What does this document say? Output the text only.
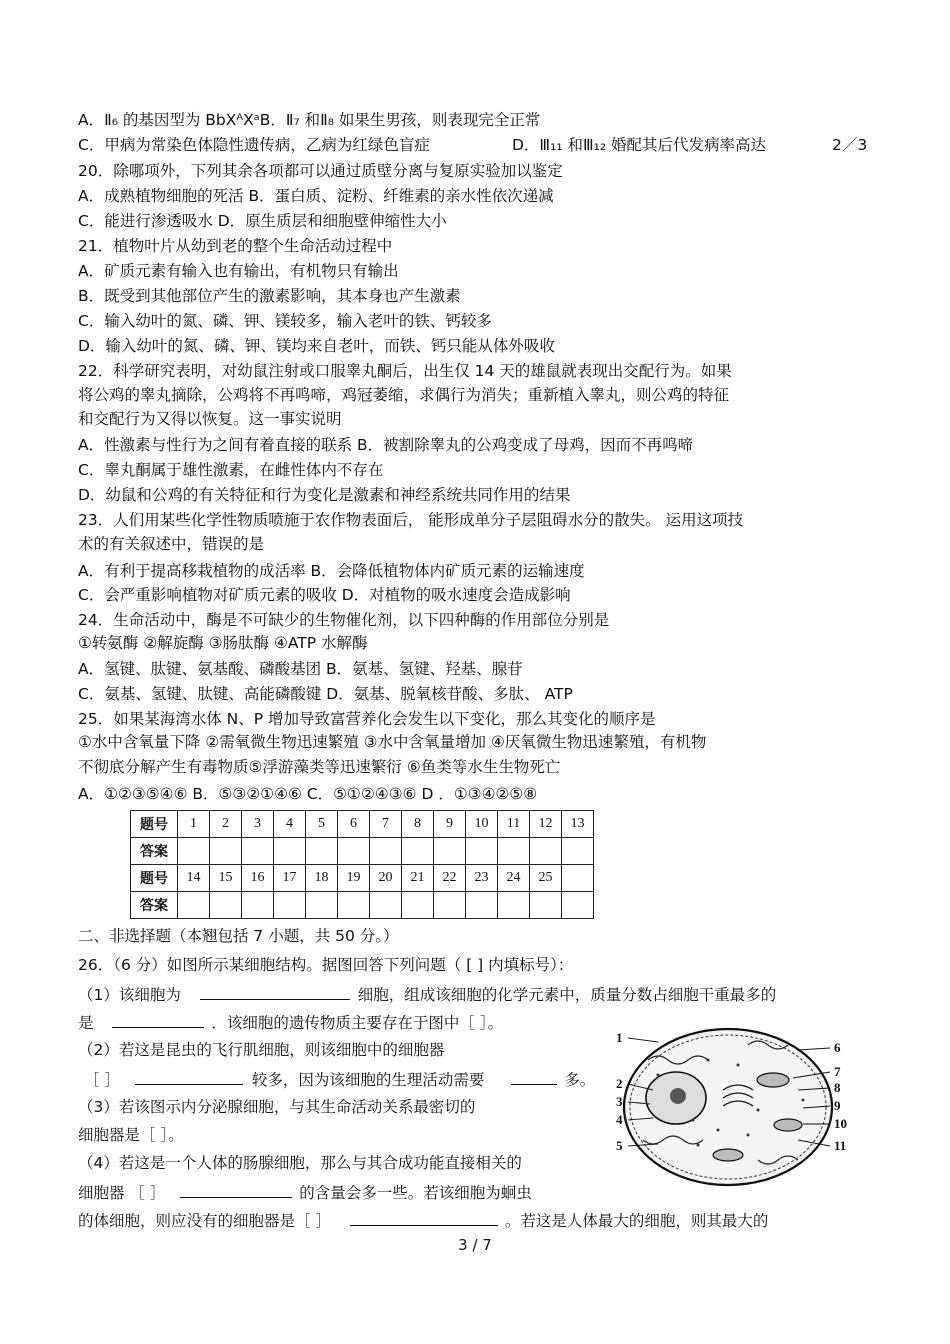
A．Ⅱ₆ 的基因型为 BbXᴬXᵃB．Ⅱ₇ 和Ⅱ₈ 如果生男孩，则表现完全正常
C．甲病为常染色体隐性遗传病，乙病为红绿色盲症	D．Ⅲ₁₁ 和Ⅲ₁₂ 婚配其后代发病率高达	2／3
20．除哪项外，下列其余各项都可以通过质壁分离与复原实验加以鉴定
A．成熟植物细胞的死活 B．蛋白质、淀粉、纤维素的亲水性依次递减
C．能进行渗透吸水 D．原生质层和细胞壁伸缩性大小
21．植物叶片从幼到老的整个生命活动过程中
A．矿质元素有输入也有输出，有机物只有输出
B．既受到其他部位产生的激素影响，其本身也产生激素
C．输入幼叶的氮、磷、钾、镁较多，输入老叶的铁、钙较多
D．输入幼叶的氮、磷、钾、镁均来自老叶，而铁、钙只能从体外吸收
22．科学研究表明，对幼鼠注射或口服睾丸酮后，出生仅 14 天的雄鼠就表现出交配行为。如果
将公鸡的睾丸摘除，公鸡将不再鸣啼，鸡冠萎缩，求偶行为消失；重新植入睾丸，则公鸡的特征
和交配行为又得以恢复。这一事实说明
A．性激素与性行为之间有着直接的联系 B．被割除睾丸的公鸡变成了母鸡，因而不再鸣啼
C．睾丸酮属于雄性激素，在雌性体内不存在
D．幼鼠和公鸡的有关特征和行为变化是激素和神经系统共同作用的结果
23．人们用某些化学性物质喷施于农作物表面后， 能形成单分子层阻碍水分的散失。 运用这项技
术的有关叙述中，错误的是
A．有利于提高移栽植物的成活率 B．会降低植物体内矿质元素的运输速度
C．会严重影响植物对矿质元素的吸收 D．对植物的吸水速度会造成影响
24．生命活动中，酶是不可缺少的生物催化剂，以下四种酶的作用部位分别是
①转氨酶 ②解旋酶 ③肠肽酶 ④ATP 水解酶
A．氢键、肽键、氨基酸、磷酸基团 B．氨基、氢键、羟基、腺苷
C．氨基、氢键、肽键、高能磷酸键 D．氨基、脱氧核苷酸、多肽、 ATP
25．如果某海湾水体 N、P 增加导致富营养化会发生以下变化，那么其变化的顺序是
①水中含氧量下降 ②需氧微生物迅速繁殖 ③水中含氧量增加 ④厌氧微生物迅速繁殖，有机物
不彻底分解产生有毒物质⑤浮游藻类等迅速繁衍 ⑥鱼类等水生生物死亡
A．①②③⑤④⑥ B．⑤③②①④⑥ C．⑤①②④③⑥ D ．①③④②⑤⑧
题号	1	2	3	4	5	6	7	8	9	10	11	12	13
答案													
题号	14	15	16	17	18	19	20	21	22	23	24	25	
答案													
二、非选择题（本翘包括 7 小题，共 50 分。）
26．（6 分）如图所示某细胞结构。据图回答下列问题（ [ ] 内填标号）：
（1）该细胞为	细胞，组成该细胞的化学元素中，质量分数占细胞干重最多的
是	．该细胞的遗传物质主要存在于图中［ ］。
（2）若这是昆虫的飞行肌细胞，则该细胞中的细胞器
［ ］	较多，因为该细胞的生理活动需要	多。
（3）若该图示内分泌腺细胞，与其生命活动关系最密切的
细胞器是［ ］。
（4）若这是一个人体的肠腺细胞，那么与其合成功能直接相关的
细胞器 ［ ］	的含量会多一些。若该细胞为蛔虫
的体细胞，则应没有的细胞器是［ ］	。若这是人体最大的细胞，则其最大的
1
2
3
4
5
6
7
8
9
10
11
3 / 7
